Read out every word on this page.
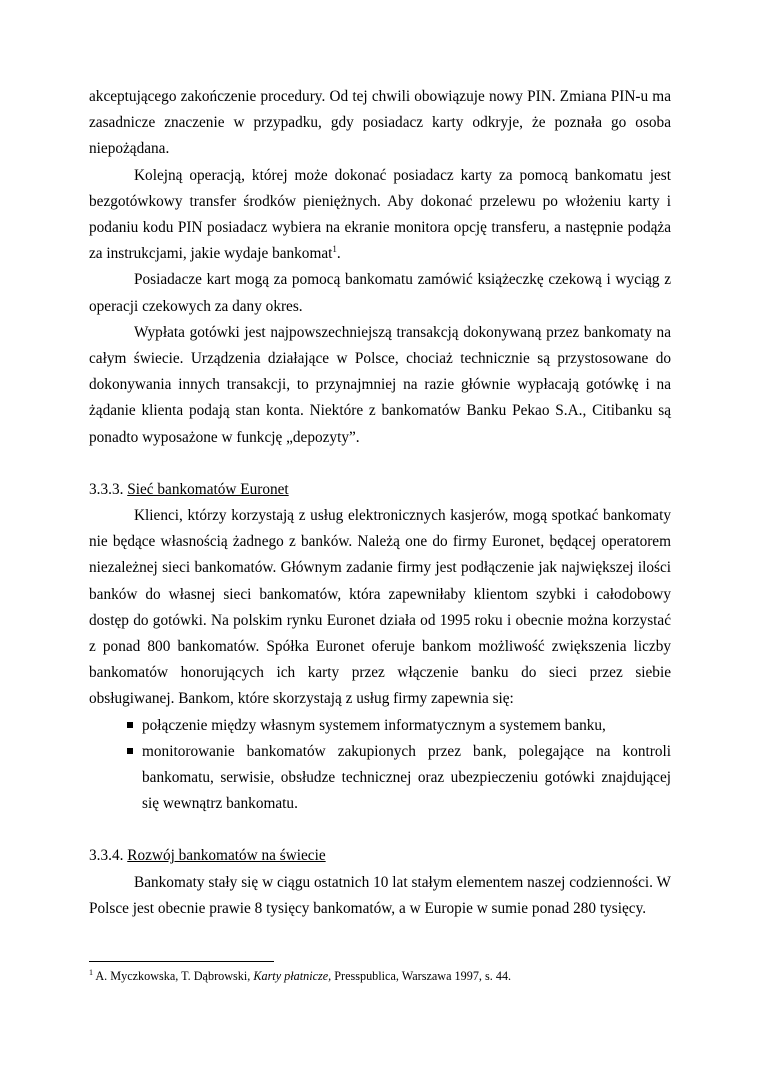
akceptującego zakończenie procedury. Od tej chwili obowiązuje nowy PIN. Zmiana PIN-u ma zasadnicze znaczenie w przypadku, gdy posiadacz karty odkryje, że poznała go osoba niepożądana.

Kolejną operacją, której może dokonać posiadacz karty za pomocą bankomatu jest bezgotówkowy transfer środków pieniężnych. Aby dokonać przelewu po włożeniu karty i podaniu kodu PIN posiadacz wybiera na ekranie monitora opcję transferu, a następnie podąża za instrukcjami, jakie wydaje bankomat$^1$.

Posiadacze kart mogą za pomocą bankomatu zamówić książeczkę czekową i wyciąg z operacji czekowych za dany okres.

Wypłata gotówki jest najpowszechniejszą transakcją dokonywaną przez bankomaty na całym świecie. Urządzenia działające w Polsce, chociaż technicznie są przystosowane do dokonywania innych transakcji, to przynajmniej na razie głównie wypłacają gotówkę i na żądanie klienta podają stan konta. Niektóre z bankomatów Banku Pekao S.A., Citibanku są ponadto wyposażone w funkcję „depozyty”.

3.3.3. Sieć bankomatów Euronet

Klienci, którzy korzystają z usług elektronicznych kasjerów, mogą spotkać bankomaty nie będące własnością żadnego z banków. Należą one do firmy Euronet, będącej operatorem niezależnej sieci bankomatów. Głównym zadanie firmy jest podłączenie jak największej ilości banków do własnej sieci bankomatów, która zapewniłaby klientom szybki i całodobowy dostęp do gotówki. Na polskim rynku Euronet działa od 1995 roku i obecnie można korzystać z ponad 800 bankomatów. Spółka Euronet oferuje bankom możliwość zwiększenia liczby bankomatów honorujących ich karty przez włączenie banku do sieci przez siebie obsługiwanej. Bankom, które skorzystają z usług firmy zapewnia się:

połączenie między własnym systemem informatycznym a systemem banku,
monitorowanie bankomatów zakupionych przez bank, polegające na kontroli bankomatu, serwisie, obsłudze technicznej oraz ubezpieczeniu gotówki znajdującej się wewnątrz bankomatu.
3.3.4. Rozwój bankomatów na świecie

Bankomaty stały się w ciągu ostatnich 10 lat stałym elementem naszej codzienności. W Polsce jest obecnie prawie 8 tysięcy bankomatów, a w Europie w sumie ponad 280 tysięcy.

$^1$ A. Myczkowska, T. Dąbrowski, Karty płatnicze, Presspublica, Warszawa 1997, s. 44.
